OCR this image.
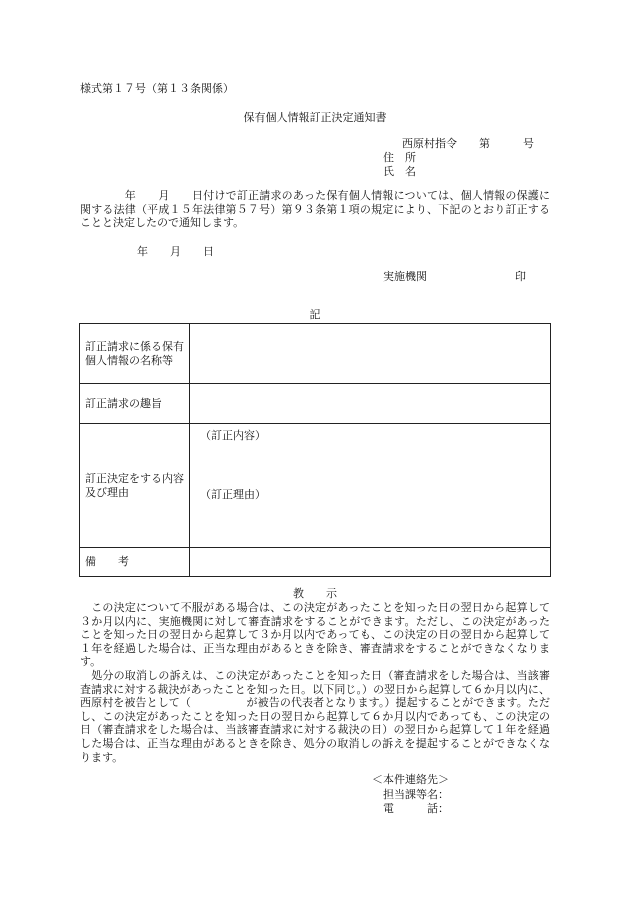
様式第１７号（第１３条関係）
保有個人情報訂正決定通知書
西原村指令　　第　　　号
住　所
氏　名
　　　　年　　月　　日付けで訂正請求のあった保有個人情報については、個人情報の保護に関する法律（平成１５年法律第５７号）第９３条第１項の規定により、下記のとおり訂正することと決定したので通知します。
年　　月　　日
実施機関　　　　　　　　印
記
訂正請求に係る保有個人情報の名称等	
訂正請求の趣旨	
訂正決定をする内容及び理由	（訂正内容）
（訂正理由）

備　　考	
教　　示
　この決定について不服がある場合は、この決定があったことを知った日の翌日から起算して３か月以内に、実施機関に対して審査請求をすることができます。ただし、この決定があったことを知った日の翌日から起算して３か月以内であっても、この決定の日の翌日から起算して１年を経過した場合は、正当な理由があるときを除き、審査請求をすることができなくなります。
　処分の取消しの訴えは、この決定があったことを知った日（審査請求をした場合は、当該審査請求に対する裁決があったことを知った日。以下同じ。）の翌日から起算して６か月以内に、西原村を被告として（　　　　　が被告の代表者となります。）提起することができます。ただし、この決定があったことを知った日の翌日から起算して６か月以内であっても、この決定の日（審査請求をした場合は、当該審査請求に対する裁決の日）の翌日から起算して１年を経過した場合は、正当な理由があるときを除き、処分の取消しの訴えを提起することができなくなります。
＜本件連絡先＞
担当課等名：
電　　　話：
